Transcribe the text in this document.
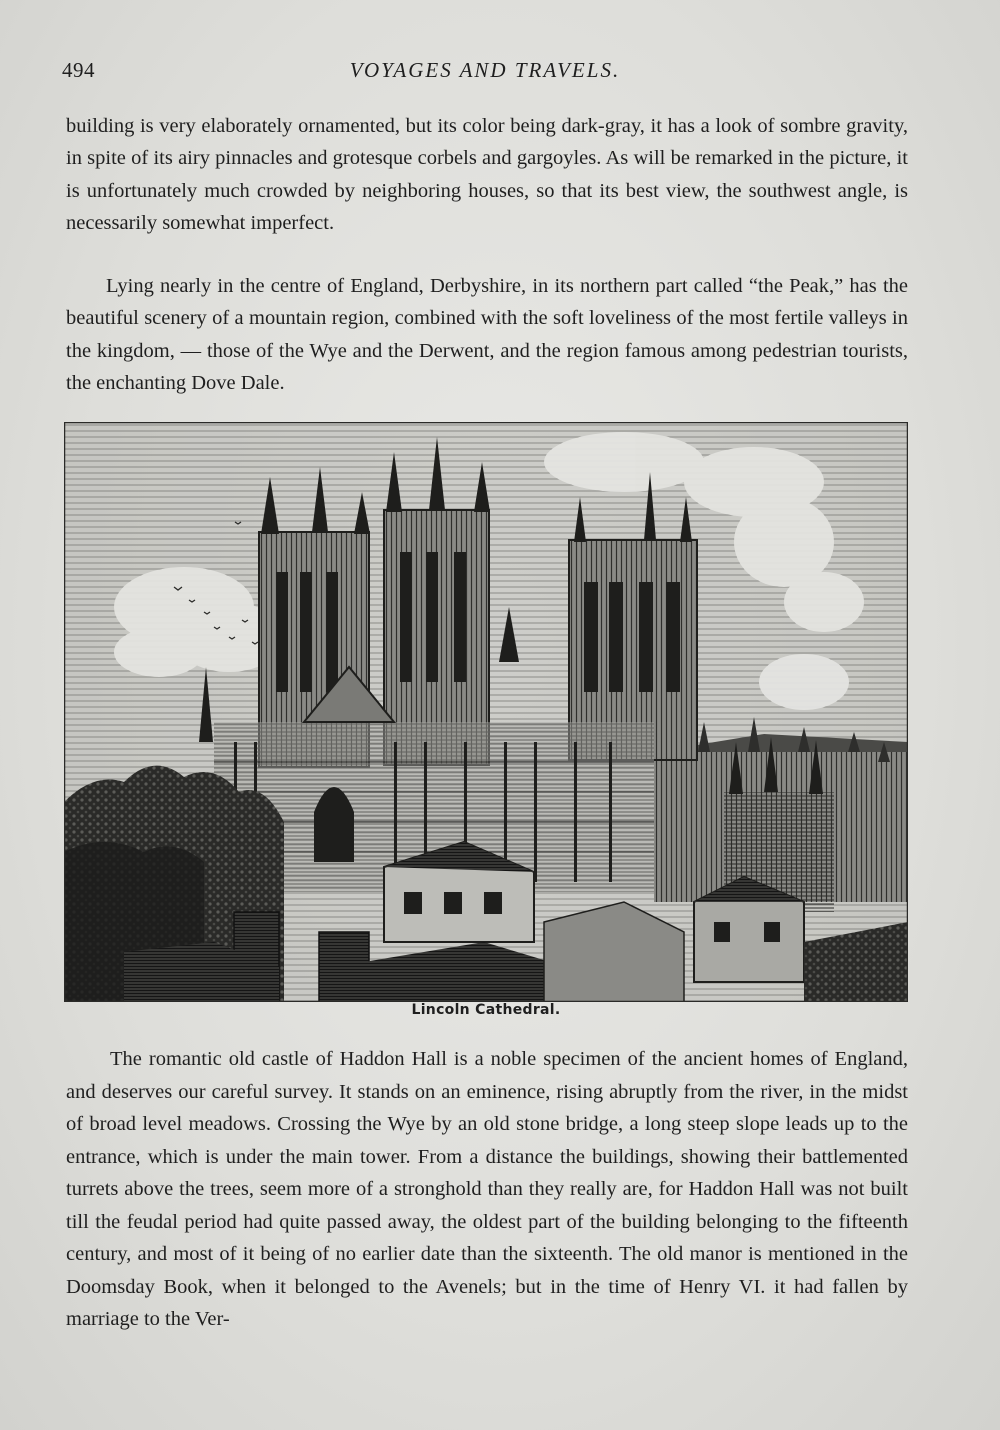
494	VOYAGES AND TRAVELS.

building is very elaborately ornamented, but its color being dark-gray, it has a look of sombre gravity, in spite of its airy pinnacles and grotesque corbels and gargoyles. As will be remarked in the picture, it is unfortunately much crowded by neighboring houses, so that its best view, the southwest angle, is necessarily somewhat imperfect.

Lying nearly in the centre of England, Derbyshire, in its northern part called “the Peak,” has the beautiful scenery of a mountain region, combined with the soft loveliness of the most fertile valleys in the kingdom, — those of the Wye and the Derwent, and the region famous among pedestrian tourists, the enchanting Dove Dale.

Lincoln Cathedral.

The romantic old castle of Haddon Hall is a noble specimen of the ancient homes of England, and deserves our careful survey. It stands on an eminence, rising abruptly from the river, in the midst of broad level meadows. Crossing the Wye by an old stone bridge, a long steep slope leads up to the entrance, which is under the main tower. From a distance the buildings, showing their battlemented turrets above the trees, seem more of a stronghold than they really are, for Haddon Hall was not built till the feudal period had quite passed away, the oldest part of the building belonging to the fifteenth century, and most of it being of no earlier date than the sixteenth. The old manor is mentioned in the Doomsday Book, when it belonged to the Avenels; but in the time of Henry VI. it had fallen by marriage to the Ver-
